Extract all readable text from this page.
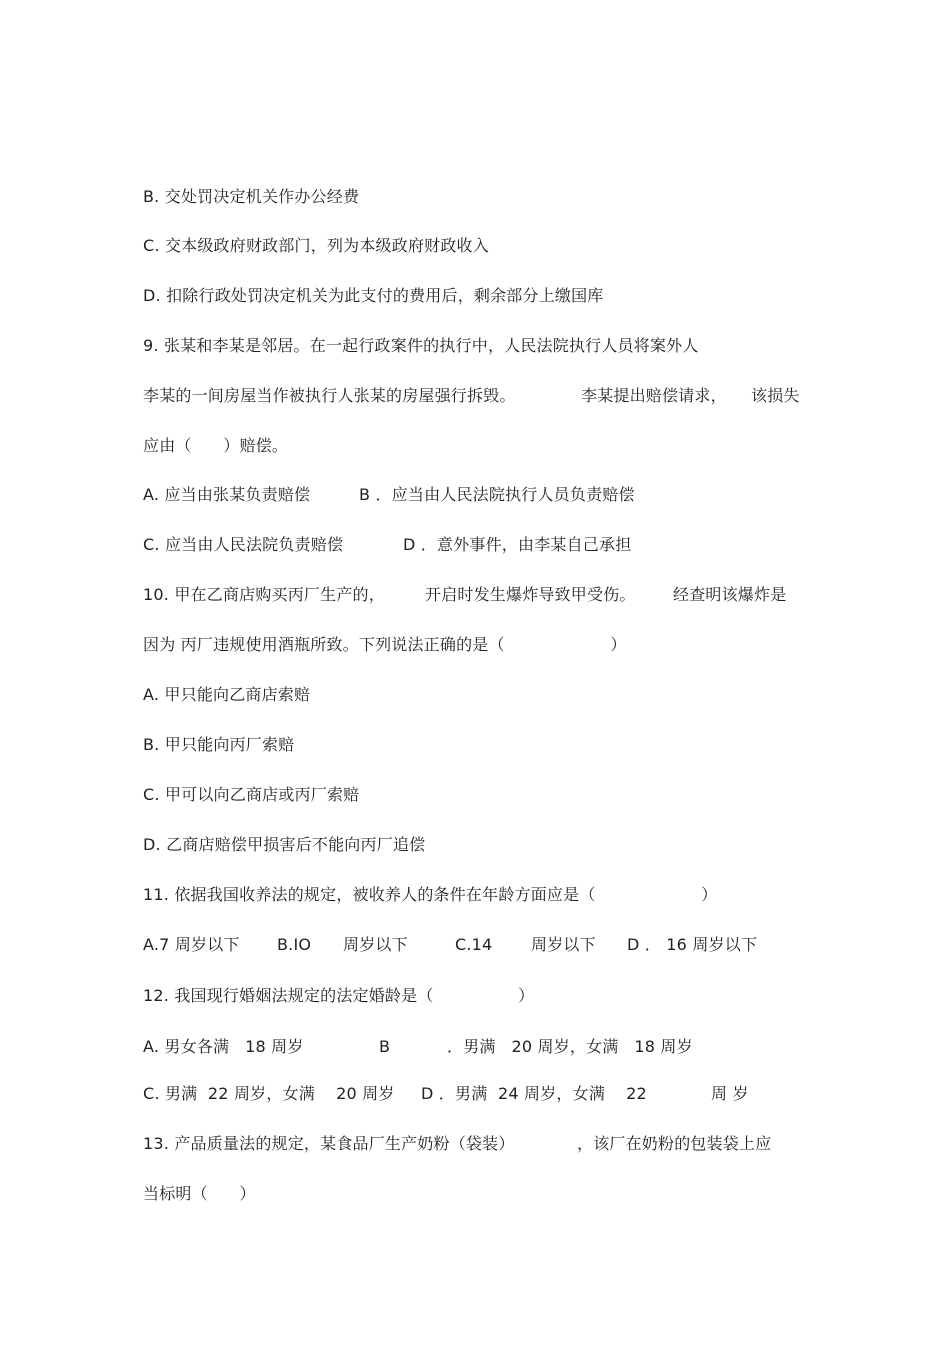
B. 交处罚决定机关作办公经费
C. 交本级政府财政部门，列为本级政府财政收入
D. 扣除行政处罚决定机关为此支付的费用后，剩余部分上缴国库
9. 张某和李某是邻居。在一起行政案件的执行中，人民法院执行人员将案外人

李某的一间房屋当作被执行人张某的房屋强行拆毁。

	李某提出赔偿请求，

该损失

应由（      ）赔偿。

A. 应当由张某负责赔偿

	B ．应当由人民法院执行人员负责赔偿

C. 应当由人民法院负责赔偿

	D ．意外事件，由李某自己承担

10. 甲在乙商店购买丙厂生产的，

	开启时发生爆炸导致甲受伤。

经查明该爆炸是

因为 丙厂违规使用酒瓶所致。下列说法正确的是（                    ）
A. 甲只能向乙商店索赔
B. 甲只能向丙厂索赔
C. 甲可以向乙商店或丙厂索赔
D. 乙商店赔偿甲损害后不能向丙厂追偿
11. 依据我国收养法的规定，被收养人的条件在年龄方面应是（                    ）

A.7 周岁以下

B.IO

周岁以下

	C.14

周岁以下

D ． 16 周岁以下

12. 我国现行婚姻法规定的法定婚龄是（                ）

A. 男女各满   18 周岁

	B

	．男满   20 周岁，女满   18 周岁

C. 男满  22 周岁，女满    20 周岁

D ．男满  24 周岁，女满    22

	周 岁

13. 产品质量法的规定，某食品厂生产奶粉（袋装）

	，该厂在奶粉的包装袋上应

当标明（      ）
